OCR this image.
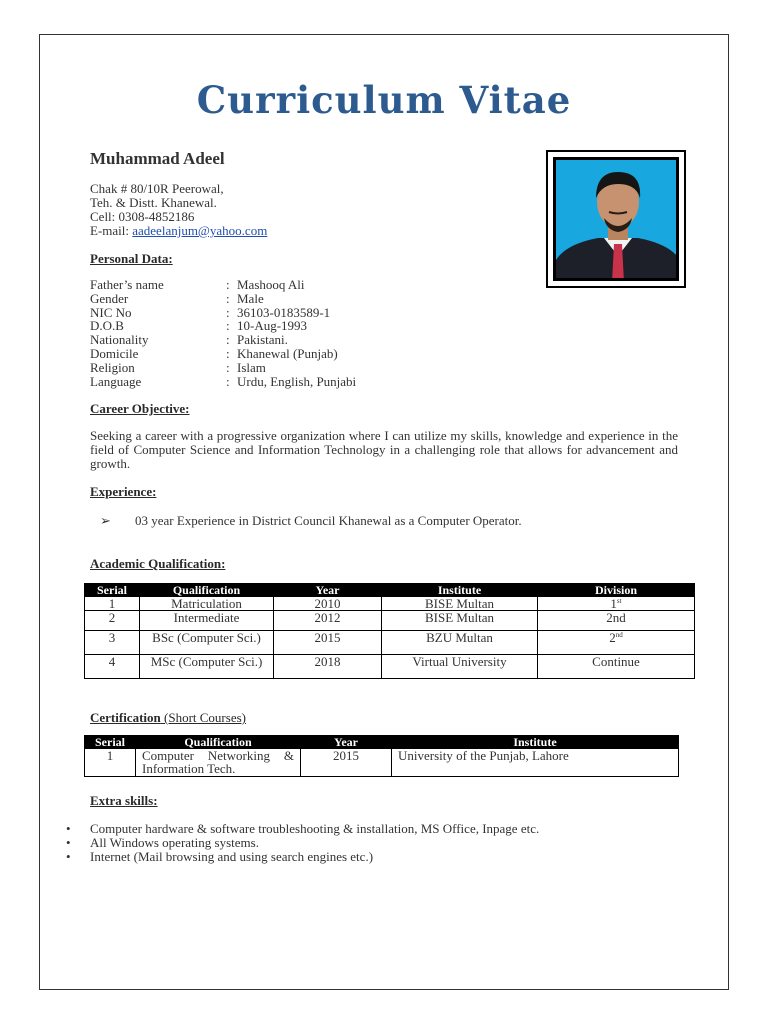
Curriculum Vitae
Muhammad Adeel
Chak # 80/10R Peerowal,
Teh. & Distt. Khanewal.
Cell: 0308-4852186
E-mail: aadeelanjum@yahoo.com
Personal Data:
Father’s name	: Mashooq Ali
Gender	: Male
NIC No	: 36103-0183589-1
D.O.B	: 10-Aug-1993
Nationality	: Pakistani.
Domicile	: Khanewal (Punjab)
Religion	: Islam
Language	: Urdu, English, Punjabi
Career Objective:
Seeking a career with a progressive organization where I can utilize my skills, knowledge and experience in the field of Computer Science and Information Technology in a challenging role that allows for advancement and growth.
Experience:
➢ 03 year Experience in District Council Khanewal as a Computer Operator.
Academic Qualification:
Serial	Qualification	Year	Institute	Division
1	Matriculation	2010	BISE Multan	1st
2	Intermediate	2012	BISE Multan	2nd
3	BSc (Computer Sci.)	2015	BZU Multan	2nd
4	MSc (Computer Sci.)	2018	Virtual University	Continue
Certification (Short Courses)
Serial	Qualification	Year	Institute
1	Computer Networking & Information Tech.	2015	University of the Punjab, Lahore
Extra skills:
• Computer hardware & software troubleshooting & installation, MS Office, Inpage etc.
• All Windows operating systems.
• Internet (Mail browsing and using search engines etc.)
